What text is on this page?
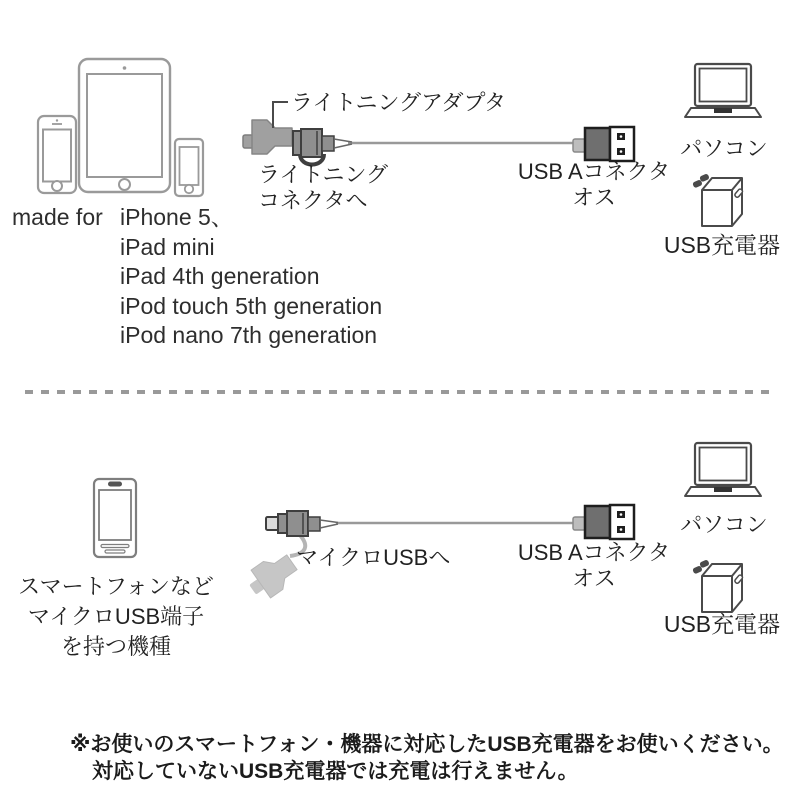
ライトニングアダプタ
ライトニング
コネクタへ
USB Aコネクタ
オス
パソコン
USB充電器
made for iPhone 5、
iPad mini
iPad 4th generation
iPod touch 5th generation
iPod nano 7th generation
スマートフォンなど
マイクロUSB端子
を持つ機種
マイクロUSBへ	USB Aコネクタ
オス
パソコン
USB充電器
※お使いのスマートフォン・機器に対応したUSB充電器をお使いください。
対応していないUSB充電器では充電は行えません。
